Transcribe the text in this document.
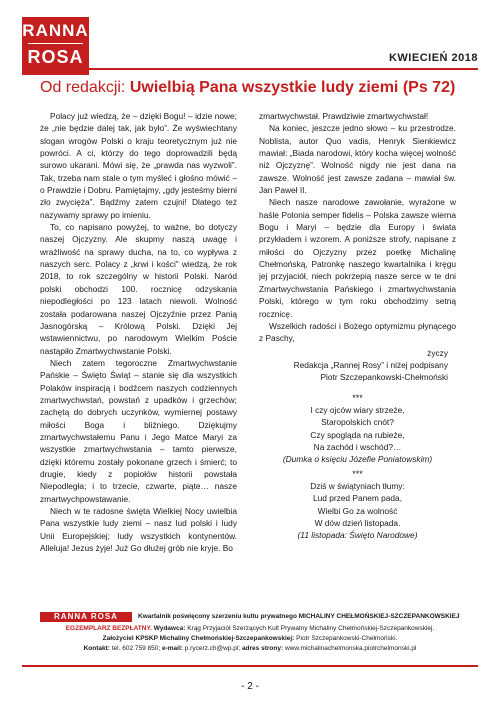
RANNA
ROSA	KWIECIEŃ 2018
Od redakcji: Uwielbią Pana wszystkie ludy ziemi (Ps 72)

Polacy już wiedzą, że – dzięki Bogu! – idzie nowe; że „nie będzie dalej tak, jak było”. Że wyświechtany slogan wrogów Polski o kraju teoretycznym już nie powróci. A ci, którzy do tego doprowadzili będą surowo ukarani. Mówi się, że „prawda nas wyzwoli”. Tak, trzeba nam stale o tym myśleć i głośno mówić – o Prawdzie i Dobru. Pamiętajmy, „gdy jesteśmy bierni zło zwycięża”. Bądźmy zatem czujni! Dlatego też nazywamy sprawy po imieniu.

To, co napisano powyżej, to ważne, bo dotyczy naszej Ojczyzny. Ale skupmy naszą uwagę i wrażliwość na sprawy ducha, na to, co wypływa z naszych serc. Polacy z „krwi i kości” wiedzą, że rok 2018, to rok szczególny w historii Polski. Naród polski obchodzi 100. rocznicę odzyskania niepodległości po 123 latach niewoli. Wolność została podarowana naszej Ojczyźnie przez Panią Jasnogórską – Królową Polski. Dzięki Jej wstawiennictwu, po narodowym Wielkim Poście nastąpiło Zmartwychwstanie Polski.

Niech zatem tegoroczne Zmartwychwstanie Pańskie – Święto Świąt – stanie się dla wszystkich Polaków inspiracją i bodźcem naszych codziennych zmartwychwstań, powstań z upadków i grzechów; zachętą do dobrych uczynków, wymiernej postawy miłości Boga i bliźniego. Dziękujmy zmartwychwstałemu Panu i Jego Matce Maryi za wszystkie zmartwychwstania – tamto pierwsze, dzięki któremu zostały pokonane grzech i śmierć; to drugie, kiedy z popiołów historii powstała Niepodległa; i to trzecie, czwarte, piąte… nasze zmartwychpowstawanie.

Niech w te radosne święta Wielkiej Nocy uwielbia Pana wszystkie ludy ziemi – nasz lud polski i ludy Unii Europejskiej; ludy wszystkich kontynentów. Alleluja! Jezus żyje! Już Go dłużej grób nie kryje. Bo

zmartwychwstał. Prawdziwie zmartwychwstał!

Na koniec, jeszcze jedno słowo – ku przestrodze. Noblista, autor Quo vadis, Henryk Sienkiewicz mawiał: „Biada narodowi, który kocha więcej wolność niż Ojczyznę”. Wolność nigdy nie jest dana na zawsze. Wolność jest zawsze zadana – mawiał św. Jan Paweł II.

Niech nasze narodowe zawołanie, wyrażone w haśle Polonia semper fidelis – Polska zawsze wierna Bogu i Maryi – będzie dla Europy i świata przykładem i wzorem. A poniższe strofy, napisane z miłości do Ojczyzny przez poetkę Michalinę Chełmońską, Patronkę naszego kwartalnika i kręgu jej przyjaciół, niech pokrzepią nasze serce w te dni Zmartwychwstania Pańskiego i zmartwychwstania Polski, którego w tym roku obchodzimy setną rocznicę.

Wszelkich radości i Bożego optymizmu płynącego z Paschy,

życzy
Redakcja „Rannej Rosy” i niżej podpisany
Piotr Szczepankowski-Chełmoński
***
I czy ojców wiary strzeże,
Staropolskich cnót?
Czy spogląda na rubieże,
Na zachód i wschód?…
(Dumka o księciu Józefie Poniatowskim)
***
Dziś w świątyniach tłumy:
Lud przed Panem pada,
Wielbi Go za wolność
W dów dzień listopada.
(11 listopada: Święto Narodowe)
RANNA ROSA	Kwartalnik poświęcony szerzeniu kultu prywatnego MICHALINY CHEŁMOŃSKIEJ-SZCZEPANKOWSKIEJ
EGZEMPLARZ BEZPŁATNY. Wydawca: Krąg Przyjaciół Szerzących Kult Prywatny Michaliny Chełmońskiej-Szczepankowskiej.
Założyciel KPSKP Michaliny Chełmońskiej-Szczepankowskiej: Piotr Szczepankowski-Chełmoński.
Kontakt: tel. 602 759 850; e-mail: p.rycerz.ch@wp.pl; adres strony: www.michalinachelmonska.piotrchelmonski.pl
- 2 -
